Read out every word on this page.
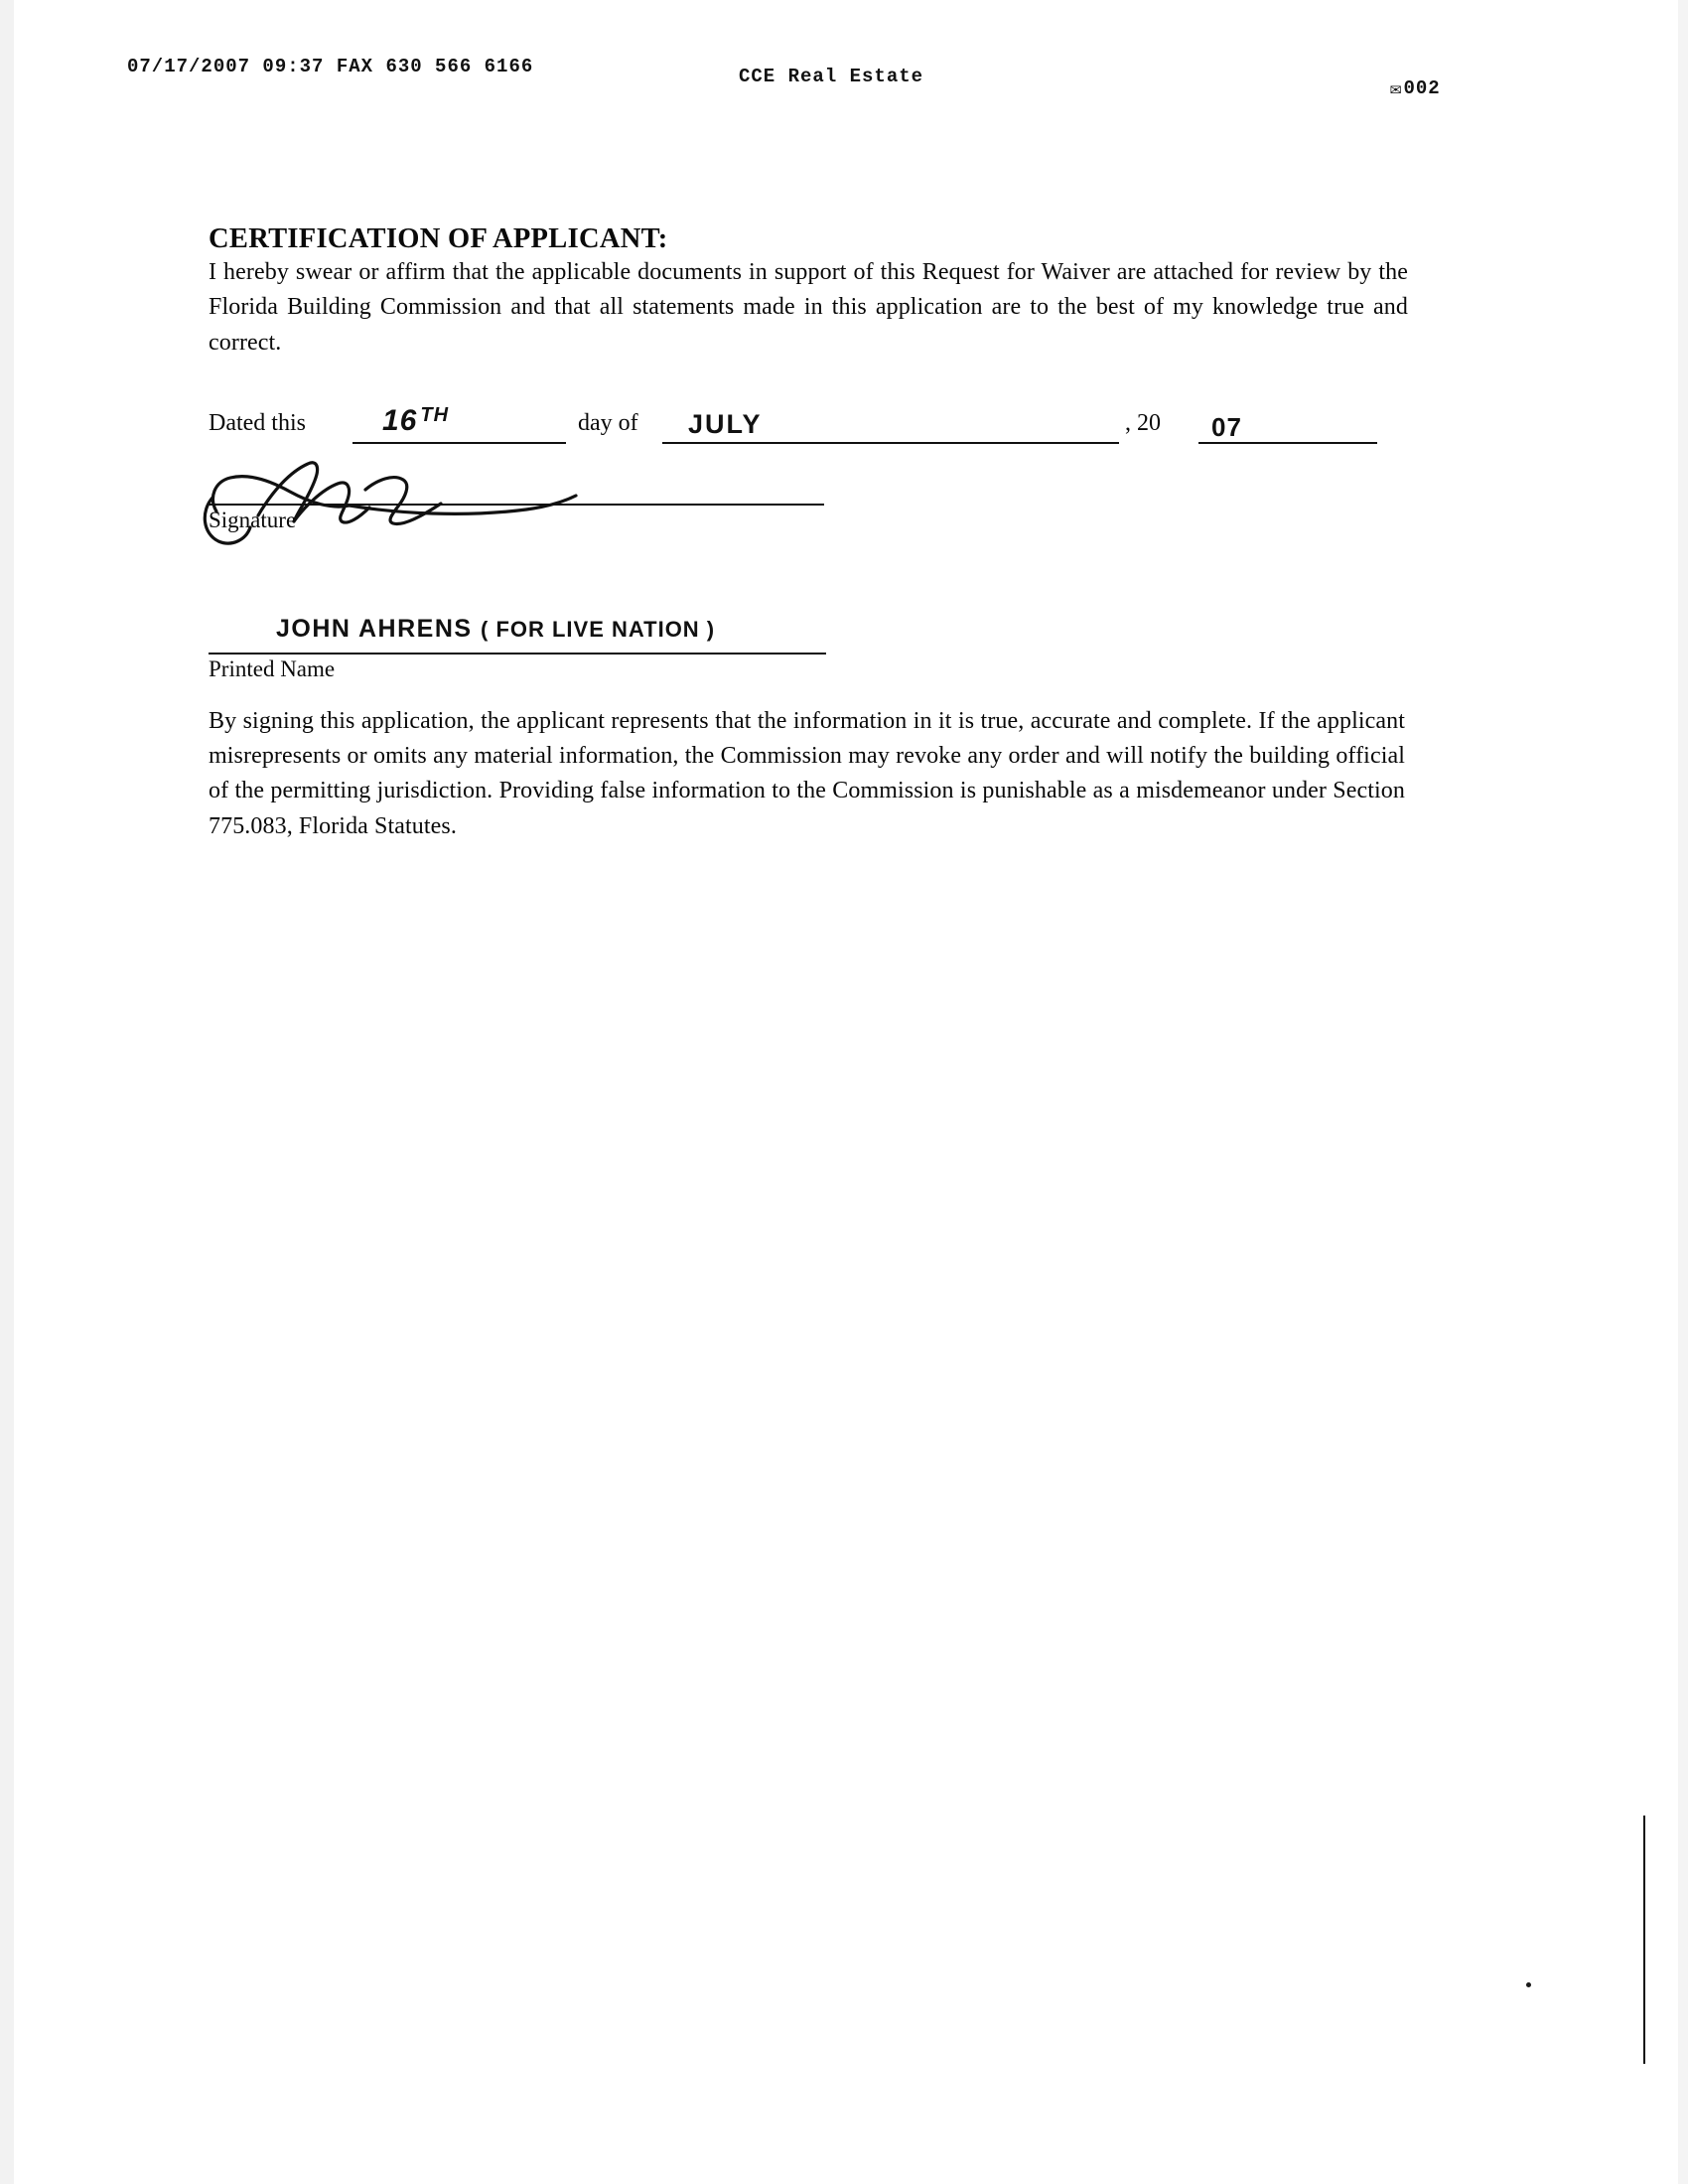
07/17/2007 09:37 FAX 630 566 6166	CCE Real Estate
✉002
CERTIFICATION OF APPLICANT:

I hereby swear or affirm that the applicable documents in support of this Request for Waiver are attached for review by the Florida Building Commission and that all statements made in this application are to the best of my knowledge true and correct.

Dated this	16 $^{TH}$	day of JULY	, 20 07
Signature
JOHN AHRENS ( FOR LIVE NATION )
Printed Name

By signing this application, the applicant represents that the information in it is true, accurate and complete. If the applicant misrepresents or omits any material information, the Commission may revoke any order and will notify the building official of the permitting jurisdiction. Providing false information to the Commission is punishable as a misdemeanor under Section 775.083, Florida Statutes.
